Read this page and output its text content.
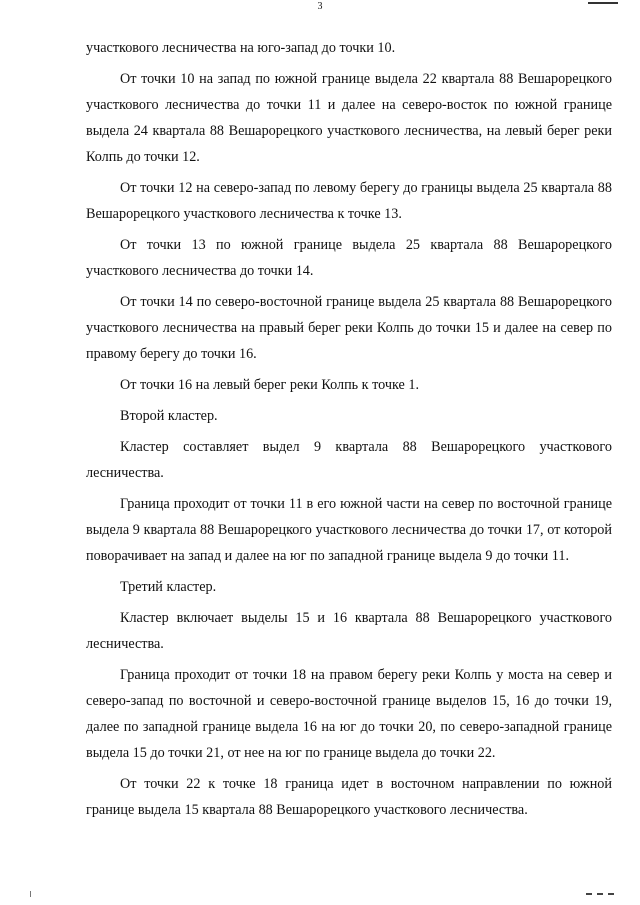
3

участкового лесничества на юго-запад до точки 10.

От точки 10 на запад по южной границе выдела 22 квартала 88 Вешарорецкого участкового лесничества до точки 11 и далее на северо-восток по южной границе выдела 24 квартала 88 Вешарорецкого участкового лесничества, на левый берег реки Колпь до точки 12.

От точки 12 на северо-запад по левому берегу до границы выдела 25 квартала 88 Вешарорецкого участкового лесничества к точке 13.

От точки 13 по южной границе выдела 25 квартала 88 Вешарорецкого участкового лесничества до точки 14.

От точки 14 по северо-восточной границе выдела 25 квартала 88 Вешарорецкого участкового лесничества на правый берег реки Колпь до точки 15 и далее на север по правому берегу до точки 16.

От точки 16 на левый берег реки Колпь к точке 1.

Второй кластер.

Кластер составляет выдел 9 квартала 88 Вешарорецкого участкового лесничества.

Граница проходит от точки 11 в его южной части на север по восточной границе выдела 9 квартала 88 Вешарорецкого участкового лесничества до точки 17, от которой поворачивает на запад и далее на юг по западной границе выдела 9 до точки 11.

Третий кластер.

Кластер включает выделы 15 и 16 квартала 88 Вешарорецкого участкового лесничества.

Граница проходит от точки 18 на правом берегу реки Колпь у моста на север и северо-запад по восточной и северо-восточной границе выделов 15, 16 до точки 19, далее по западной границе выдела 16 на юг до точки 20, по северо-западной границе выдела 15 до точки 21, от нее на юг по границе выдела до точки 22.

От точки 22 к точке 18 граница идет в восточном направлении по южной границе выдела 15 квартала 88 Вешарорецкого участкового лесничества.
